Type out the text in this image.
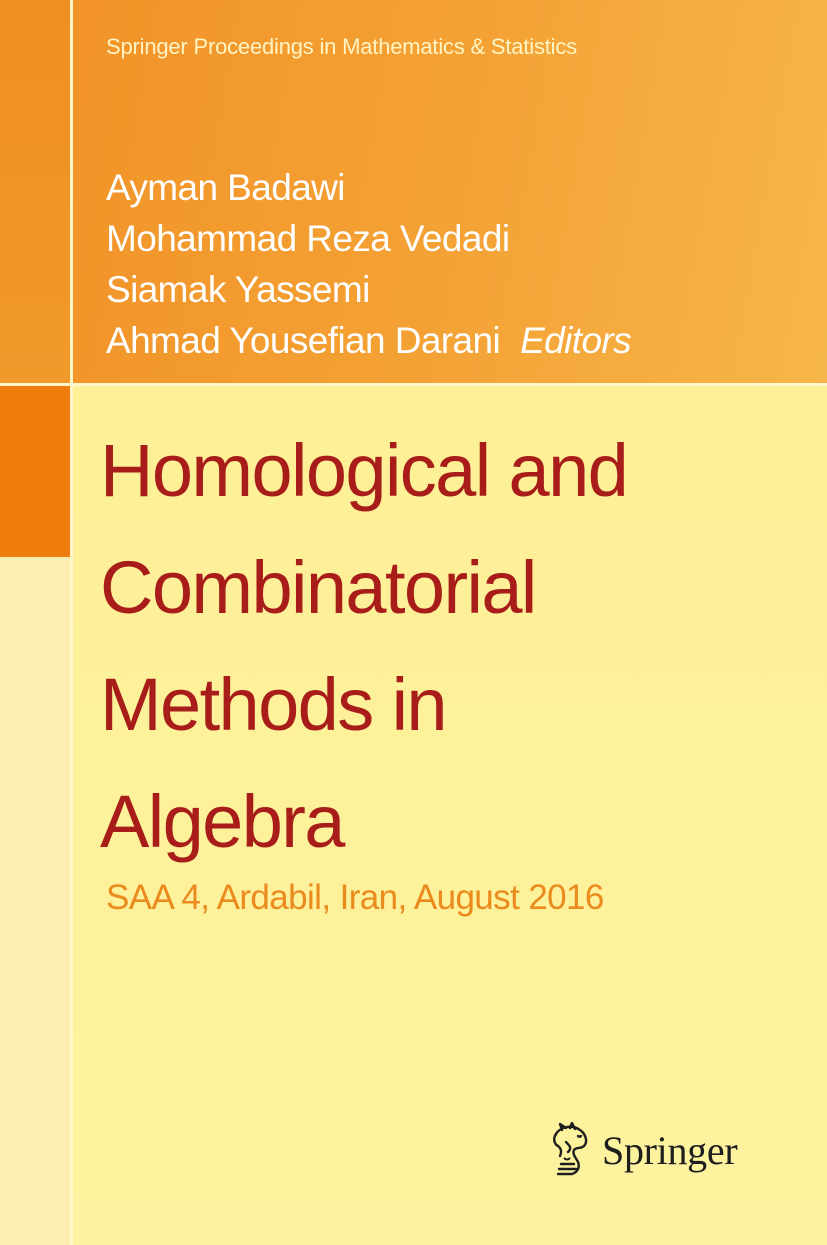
Springer Proceedings in Mathematics & Statistics
Ayman Badawi
Mohammad Reza Vedadi
Siamak Yassemi
Ahmad Yousefian Darani Editors
Homological and
Combinatorial
Methods in
Algebra
SAA 4, Ardabil, Iran, August 2016
Springer
